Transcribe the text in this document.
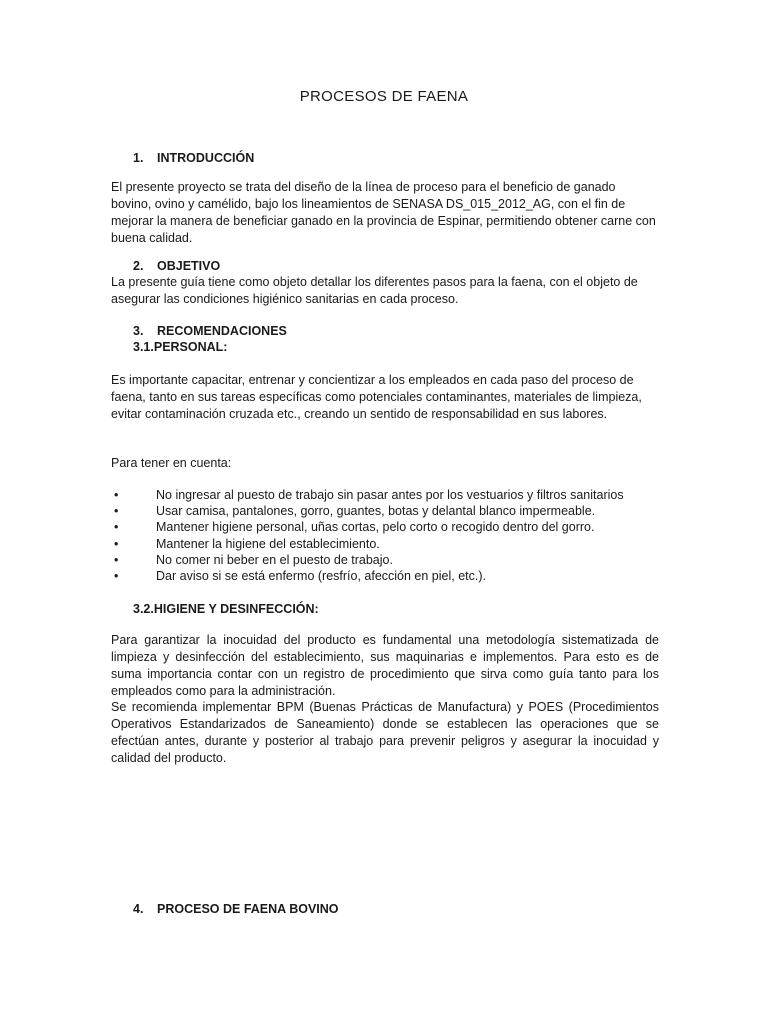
PROCESOS DE FAENA
1. INTRODUCCIÓN

El presente proyecto se trata del diseño de la línea de proceso para el beneficio de ganado bovino, ovino y camélido, bajo los lineamientos de SENASA DS_015_2012_AG, con el fin de mejorar la manera de beneficiar ganado en la provincia de Espinar, permitiendo obtener carne con buena calidad.

2. OBJETIVO

La presente guía tiene como objeto detallar los diferentes pasos para la faena, con el objeto de asegurar las condiciones higiénico sanitarias en cada proceso.

3. RECOMENDACIONES
3.1.PERSONAL:

Es importante capacitar, entrenar y concientizar a los empleados en cada paso del proceso de faena, tanto en sus tareas específicas como potenciales contaminantes, materiales de limpieza, evitar contaminación cruzada etc., creando un sentido de responsabilidad en sus labores.

Para tener en cuenta:
•	No ingresar al puesto de trabajo sin pasar antes por los vestuarios y filtros sanitarios
•	Usar camisa, pantalones, gorro, guantes, botas y delantal blanco impermeable.
•	Mantener higiene personal, uñas cortas, pelo corto o recogido dentro del gorro.
•	Mantener la higiene del establecimiento.
•	No comer ni beber en el puesto de trabajo.
•	Dar aviso si se está enfermo (resfrío, afección en piel, etc.).
3.2.HIGIENE Y DESINFECCIÓN:

Para garantizar la inocuidad del producto es fundamental una metodología sistematizada de limpieza y desinfección del establecimiento, sus maquinarias e implementos. Para esto es de suma importancia contar con un registro de procedimiento que sirva como guía tanto para los empleados como para la administración.

Se recomienda implementar BPM (Buenas Prácticas de Manufactura) y POES (Procedimientos Operativos Estandarizados de Saneamiento) donde se establecen las operaciones que se efectúan antes, durante y posterior al trabajo para prevenir peligros y asegurar la inocuidad y calidad del producto.

4. PROCESO DE FAENA BOVINO
